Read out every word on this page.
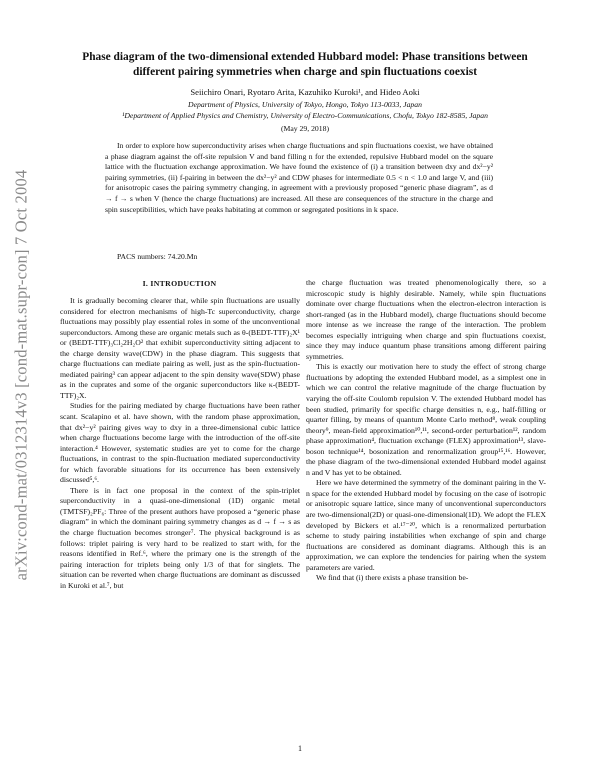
arXiv:cond-mat/0312314v3 [cond-mat.supr-con] 7 Oct 2004
Phase diagram of the two-dimensional extended Hubbard model: Phase transitions between different pairing symmetries when charge and spin fluctuations coexist
Seiichiro Onari, Ryotaro Arita, Kazuhiko Kuroki¹, and Hideo Aoki
Department of Physics, University of Tokyo, Hongo, Tokyo 113-0033, Japan
¹Department of Applied Physics and Chemistry, University of Electro-Communications, Chofu, Tokyo 182-8585, Japan
(May 29, 2018)
In order to explore how superconductivity arises when charge fluctuations and spin fluctuations coexist, we have obtained a phase diagram against the off-site repulsion V and band filling n for the extended, repulsive Hubbard model on the square lattice with the fluctuation exchange approximation. We have found the existence of (i) a transition between dxy and dx²−y² pairing symmetries, (ii) f-pairing in between the dx²−y² and CDW phases for intermediate 0.5 < n < 1.0 and large V, and (iii) for anisotropic cases the pairing symmetry changing, in agreement with a previously proposed “generic phase diagram”, as d → f → s when V (hence the charge fluctuations) are increased. All these are consequences of the structure in the charge and spin susceptibilities, which have peaks habitating at common or segregated positions in k space.
PACS numbers: 74.20.Mn
I. INTRODUCTION

It is gradually becoming clearer that, while spin fluctuations are usually considered for electron mechanisms of high-Tc superconductivity, charge fluctuations may possibly play essential roles in some of the unconventional superconductors. Among these are organic metals such as θ-(BEDT-TTF)₂X¹ or (BEDT-TTF)₃Cl₂2H₂O² that exhibit superconductivity sitting adjacent to the charge density wave(CDW) in the phase diagram. This suggests that charge fluctuations can mediate pairing as well, just as the spin-fluctuation-mediated pairing³ can appear adjacent to the spin density wave(SDW) phase as in the cuprates and some of the organic superconductors like κ-(BEDT-TTF)₂X.

Studies for the pairing mediated by charge fluctuations have been rather scant. Scalapino et al. have shown, with the random phase approximation, that dx²−y² pairing gives way to dxy in a three-dimensional cubic lattice when charge fluctuations become large with the introduction of the off-site interaction.⁴ However, systematic studies are yet to come for the charge fluctuations, in contrast to the spin-fluctuation mediated superconductivity for which favorable situations for its occurrence has been extensively discussed⁵,⁶.

There is in fact one proposal in the context of the spin-triplet superconductivity in a quasi-one-dimensional (1D) organic metal (TMTSF)₂PF₆: Three of the present authors have proposed a “generic phase diagram” in which the dominant pairing symmetry changes as d → f → s as the charge fluctuation becomes stronger⁷. The physical background is as follows: triplet pairing is very hard to be realized to start with, for the reasons identified in Ref.⁶, where the primary one is the strength of the pairing interaction for triplets being only 1/3 of that for singlets. The situation can be reverted when charge fluctuations are dominant as discussed in Kuroki et al.⁷, but

the charge fluctuation was treated phenomenologically there, so a microscopic study is highly desirable. Namely, while spin fluctuations dominate over charge fluctuations when the electron-electron interaction is short-ranged (as in the Hubbard model), charge fluctuations should become more intense as we increase the range of the interaction. The problem becomes especially intriguing when charge and spin fluctuations coexist, since they may induce quantum phase transitions among different pairing symmetries.

This is exactly our motivation here to study the effect of strong charge fluctuations by adopting the extended Hubbard model, as a simplest one in which we can control the relative magnitude of the charge fluctuation by varying the off-site Coulomb repulsion V. The extended Hubbard model has been studied, primarily for specific charge densities n, e.g., half-filling or quarter filling, by means of quantum Monte Carlo method⁸, weak coupling theory⁹, mean-field approximation¹⁰,¹¹, second-order perturbation¹², random phase approximation⁴, fluctuation exchange (FLEX) approximation¹³, slave-boson technique¹⁴, bosonization and renormalization group¹⁵,¹⁶. However, the phase diagram of the two-dimensional extended Hubbard model against n and V has yet to be obtained.

Here we have determined the symmetry of the dominant pairing in the V-n space for the extended Hubbard model by focusing on the case of isotropic or anisotropic square lattice, since many of unconventional superconductors are two-dimensional(2D) or quasi-one-dimensional(1D). We adopt the FLEX developed by Bickers et al.¹⁷⁻²⁰, which is a renormalized perturbation scheme to study pairing instabilities when exchange of spin and charge fluctuations are considered as dominant diagrams. Although this is an approximation, we can explore the tendencies for pairing when the system parameters are varied.

We find that (i) there exists a phase transition be-

1
